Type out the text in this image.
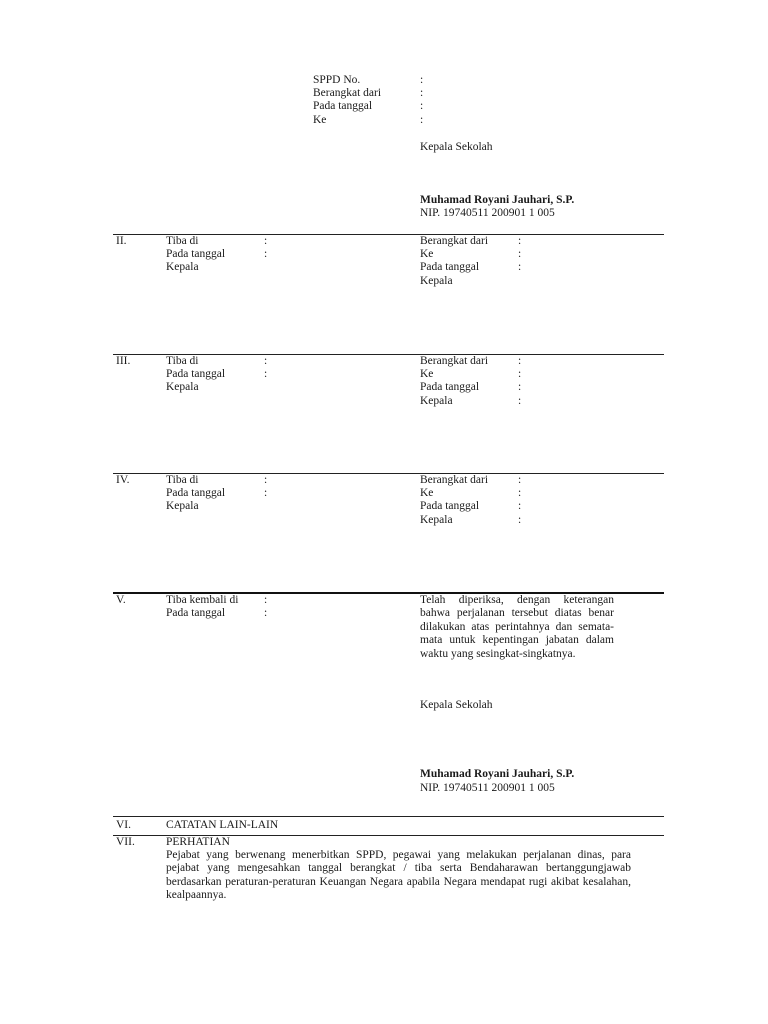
SPPD No.	:
Berangkat dari	:
Pada tanggal	:
Ke	:
Kepala Sekolah
Muhamad Royani Jauhari, S.P.
NIP. 19740511 200901 1 005
II.	Tiba di	:
Pada tanggal	:
Kepala
Berangkat dari	:
Ke	:
Pada tanggal	:
Kepala
III.	Tiba di	:
Pada tanggal	:
Kepala
Berangkat dari	:
Ke	:
Pada tanggal	:
Kepala	:
IV.	Tiba di	:
Pada tanggal	:
Kepala
Berangkat dari	:
Ke	:
Pada tanggal	:
Kepala	:
V.	Tiba kembali di :
Pada tanggal	:
Telah diperiksa, dengan keterangan bahwa perjalanan tersebut diatas benar dilakukan atas perintahnya dan semata-mata untuk kepentingan jabatan dalam waktu yang sesingkat-singkatnya.
Kepala Sekolah
Muhamad Royani Jauhari, S.P.
NIP. 19740511 200901 1 005
VI.	CATATAN LAIN-LAIN
VII.	PERHATIAN
Pejabat yang berwenang menerbitkan SPPD, pegawai yang melakukan perjalanan dinas, para pejabat yang mengesahkan tanggal berangkat / tiba serta Bendaharawan bertanggungjawab berdasarkan peraturan-peraturan Keuangan Negara apabila Negara mendapat rugi akibat kesalahan, kealpaannya.
